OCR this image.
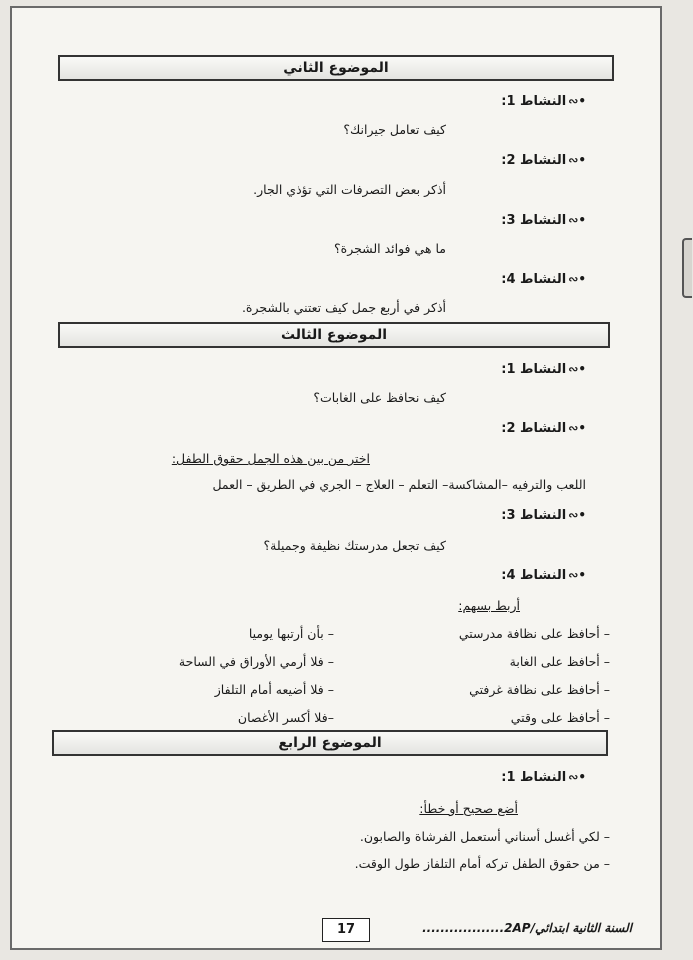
الموضوع الثاني
•∾النشاط 1:
كيف تعامل جيرانك؟
•∾النشاط 2:
أذكر بعض التصرفات التي تؤذي الجار.
•∾النشاط 3:
ما هي فوائد الشجرة؟
•∾النشاط 4:
أذكر في أربع جمل كيف تعتني بالشجرة.
الموضوع الثالث
•∾النشاط 1:
كيف نحافظ على الغابات؟
•∾النشاط 2:
اختر من بين هذه الجمل حقوق الطفل:
اللعب والترفيه –المشاكسة– التعلم – العلاج – الجري في الطريق – العمل
•∾النشاط 3:
كيف تجعل مدرستك نظيفة وجميلة؟
•∾النشاط 4:
أربط بسهم:
– أحافظ على نظافة مدرستي
– أحافظ على الغابة
– أحافظ على نظافة غرفتي
– أحافظ على وقتي
– بأن أرتبها يوميا
– فلا أرمي الأوراق في الساحة
– فلا أضيعه أمام التلفاز
–فلا أكسر الأغصان
الموضوع الرابع
•∾النشاط 1:
أضع صحيح أو خطأ:
– لكي أغسل أسناني أستعمل الفرشاة والصابون.
– من حقوق الطفل تركه أمام التلفاز طول الوقت.
السنة الثانية ابتدائي/2AP..................
17
